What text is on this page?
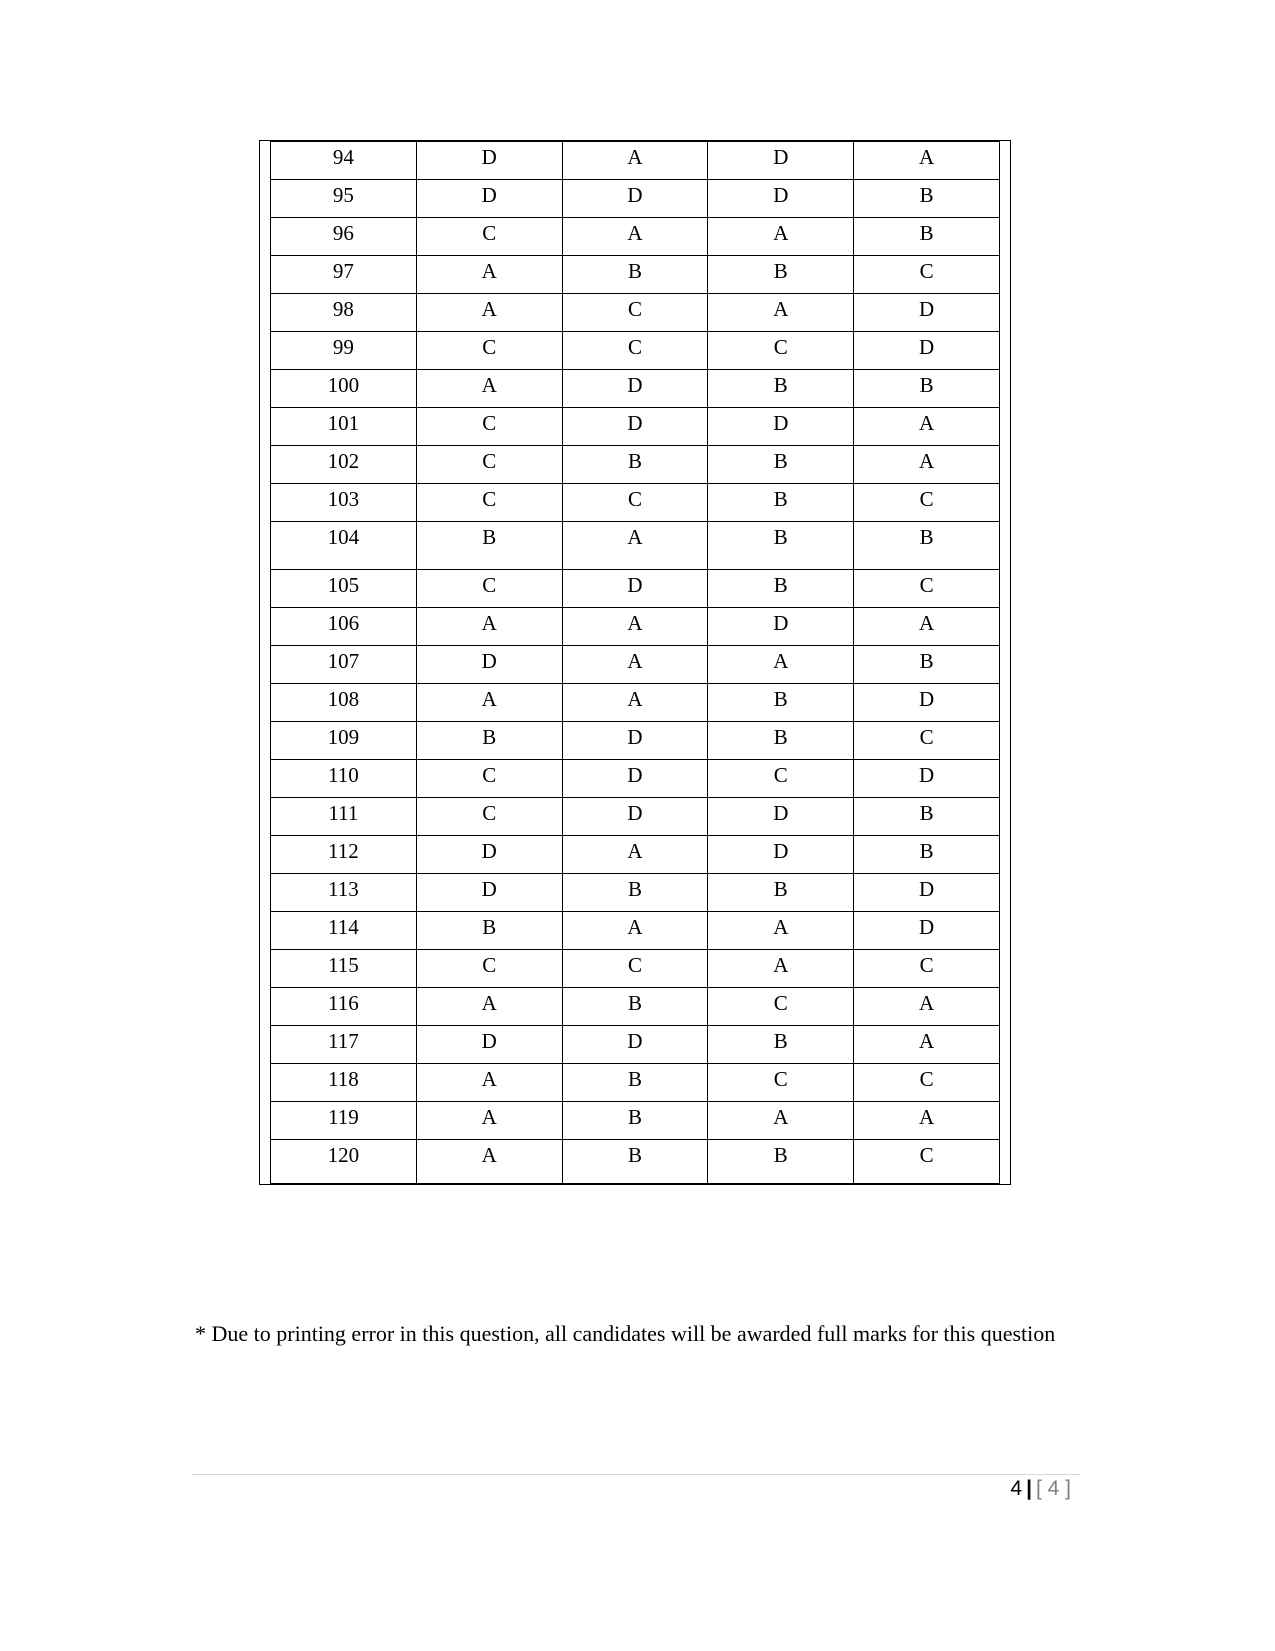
94	D	A	D	A
95	D	D	D	B
96	C	A	A	B
97	A	B	B	C
98	A	C	A	D
99	C	C	C	D
100	A	D	B	B
101	C	D	D	A
102	C	B	B	A
103	C	C	B	C
104	B	A	B	B
105	C	D	B	C
106	A	A	D	A
107	D	A	A	B
108	A	A	B	D
109	B	D	B	C
110	C	D	C	D
111	C	D	D	B
112	D	A	D	B
113	D	B	B	D
114	B	A	A	D
115	C	C	A	C
116	A	B	C	A
117	D	D	B	A
118	A	B	C	C
119	A	B	A	A
120	A	B	B	C
* Due to printing error in this question, all candidates will be awarded full marks for this question
4 | [ 4 ]
